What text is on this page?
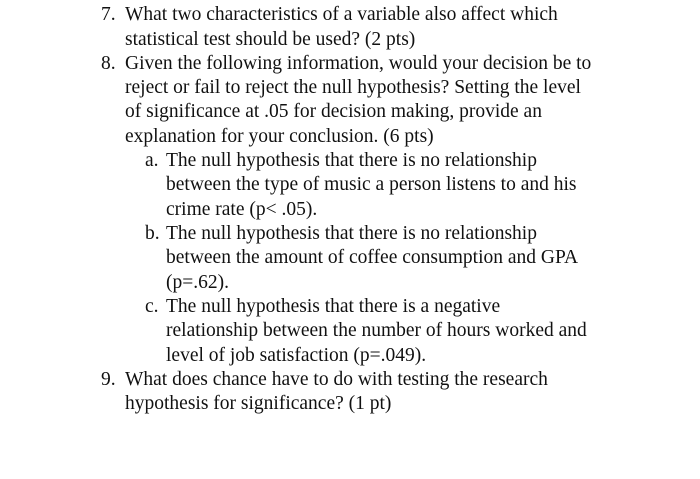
7. What two characteristics of a variable also affect which
statistical test should be used? (2 pts)
8. Given the following information, would your decision be to
reject or fail to reject the null hypothesis? Setting the level
of significance at .05 for decision making, provide an
explanation for your conclusion. (6 pts)
a. The null hypothesis that there is no relationship
between the type of music a person listens to and his
crime rate (p< .05).
b. The null hypothesis that there is no relationship
between the amount of coffee consumption and GPA
(p=.62).
c. The null hypothesis that there is a negative
relationship between the number of hours worked and
level of job satisfaction (p=.049).
9. What does chance have to do with testing the research
hypothesis for significance? (1 pt)
